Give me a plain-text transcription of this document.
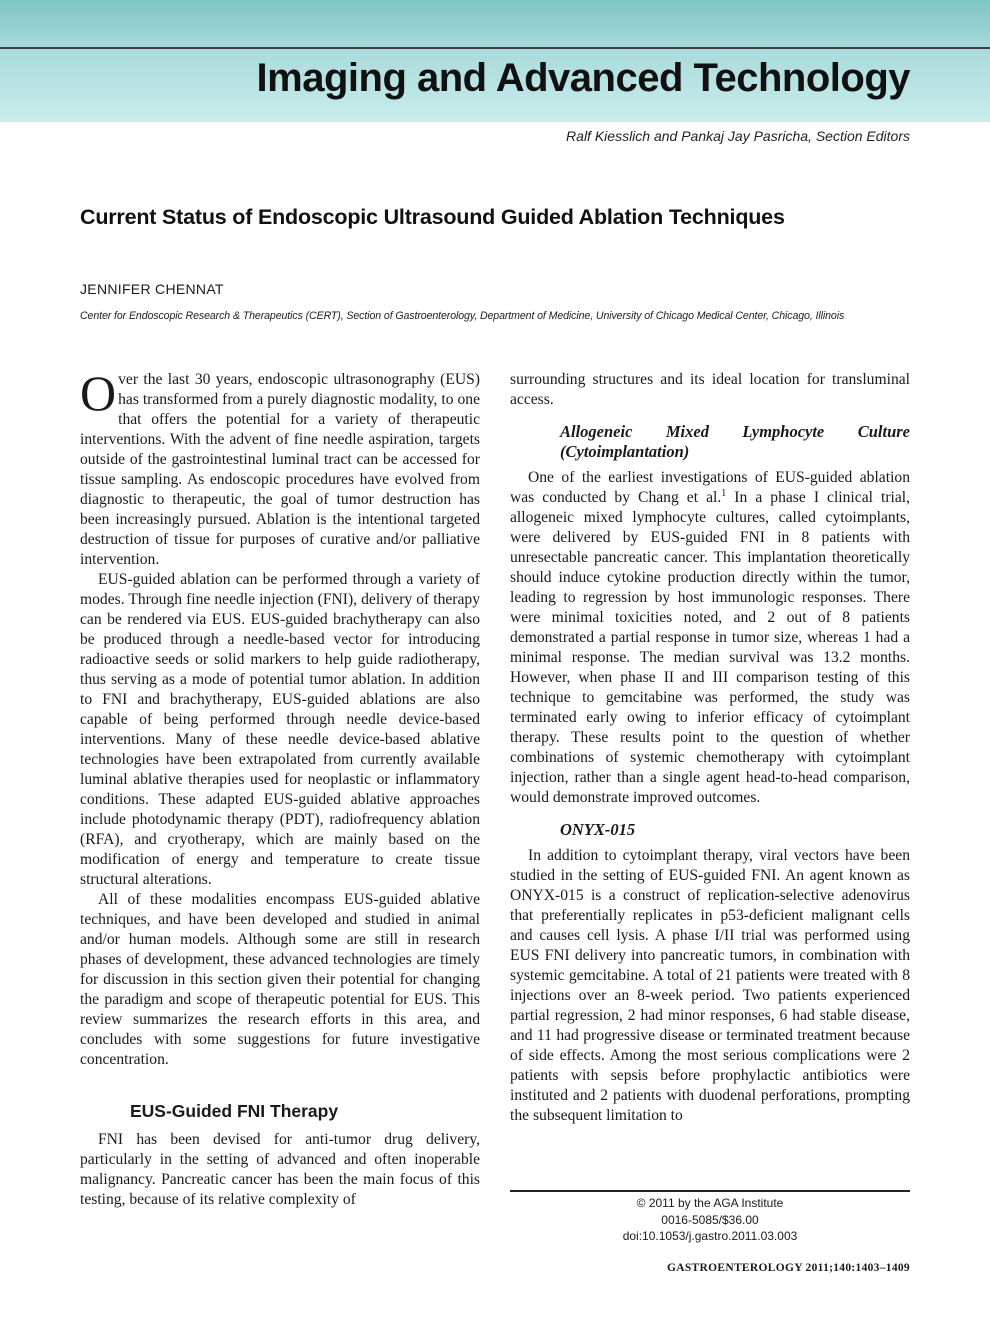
Imaging and Advanced Technology
Ralf Kiesslich and Pankaj Jay Pasricha, Section Editors
Current Status of Endoscopic Ultrasound Guided Ablation Techniques
JENNIFER CHENNAT
Center for Endoscopic Research & Therapeutics (CERT), Section of Gastroenterology, Department of Medicine, University of Chicago Medical Center, Chicago, Illinois

Over the last 30 years, endoscopic ultrasonography (EUS) has transformed from a purely diagnostic modality, to one that offers the potential for a variety of therapeutic interventions. With the advent of fine needle aspiration, targets outside of the gastrointestinal luminal tract can be accessed for tissue sampling. As endoscopic procedures have evolved from diagnostic to therapeutic, the goal of tumor destruction has been increasingly pursued. Ablation is the intentional targeted destruction of tissue for purposes of curative and/or palliative intervention.

EUS-guided ablation can be performed through a variety of modes. Through fine needle injection (FNI), delivery of therapy can be rendered via EUS. EUS-guided brachytherapy can also be produced through a needle-based vector for introducing radioactive seeds or solid markers to help guide radiotherapy, thus serving as a mode of potential tumor ablation. In addition to FNI and brachytherapy, EUS-guided ablations are also capable of being performed through needle device-based interventions. Many of these needle device-based ablative technologies have been extrapolated from currently available luminal ablative therapies used for neoplastic or inflammatory conditions. These adapted EUS-guided ablative approaches include photodynamic therapy (PDT), radiofrequency ablation (RFA), and cryotherapy, which are mainly based on the modification of energy and temperature to create tissue structural alterations.

All of these modalities encompass EUS-guided ablative techniques, and have been developed and studied in animal and/or human models. Although some are still in research phases of development, these advanced technologies are timely for discussion in this section given their potential for changing the paradigm and scope of therapeutic potential for EUS. This review summarizes the research efforts in this area, and concludes with some suggestions for future investigative concentration.

EUS-Guided FNI Therapy

FNI has been devised for anti-tumor drug delivery, particularly in the setting of advanced and often inoperable malignancy. Pancreatic cancer has been the main focus of this testing, because of its relative complexity of

surrounding structures and its ideal location for transluminal access.

Allogeneic Mixed Lymphocyte Culture (Cytoimplantation)

One of the earliest investigations of EUS-guided ablation was conducted by Chang et al.$^1$ In a phase I clinical trial, allogeneic mixed lymphocyte cultures, called cytoimplants, were delivered by EUS-guided FNI in 8 patients with unresectable pancreatic cancer. This implantation theoretically should induce cytokine production directly within the tumor, leading to regression by host immunologic responses. There were minimal toxicities noted, and 2 out of 8 patients demonstrated a partial response in tumor size, whereas 1 had a minimal response. The median survival was 13.2 months. However, when phase II and III comparison testing of this technique to gemcitabine was performed, the study was terminated early owing to inferior efficacy of cytoimplant therapy. These results point to the question of whether combinations of systemic chemotherapy with cytoimplant injection, rather than a single agent head-to-head comparison, would demonstrate improved outcomes.

ONYX-015

In addition to cytoimplant therapy, viral vectors have been studied in the setting of EUS-guided FNI. An agent known as ONYX-015 is a construct of replication-selective adenovirus that preferentially replicates in p53-deficient malignant cells and causes cell lysis. A phase I/II trial was performed using EUS FNI delivery into pancreatic tumors, in combination with systemic gemcitabine. A total of 21 patients were treated with 8 injections over an 8-week period. Two patients experienced partial regression, 2 had minor responses, 6 had stable disease, and 11 had progressive disease or terminated treatment because of side effects. Among the most serious complications were 2 patients with sepsis before prophylactic antibiotics were instituted and 2 patients with duodenal perforations, prompting the subsequent limitation to

© 2011 by the AGA Institute
0016-5085/$36.00
doi:10.1053/j.gastro.2011.03.003
GASTROENTEROLOGY 2011;140:1403–1409
